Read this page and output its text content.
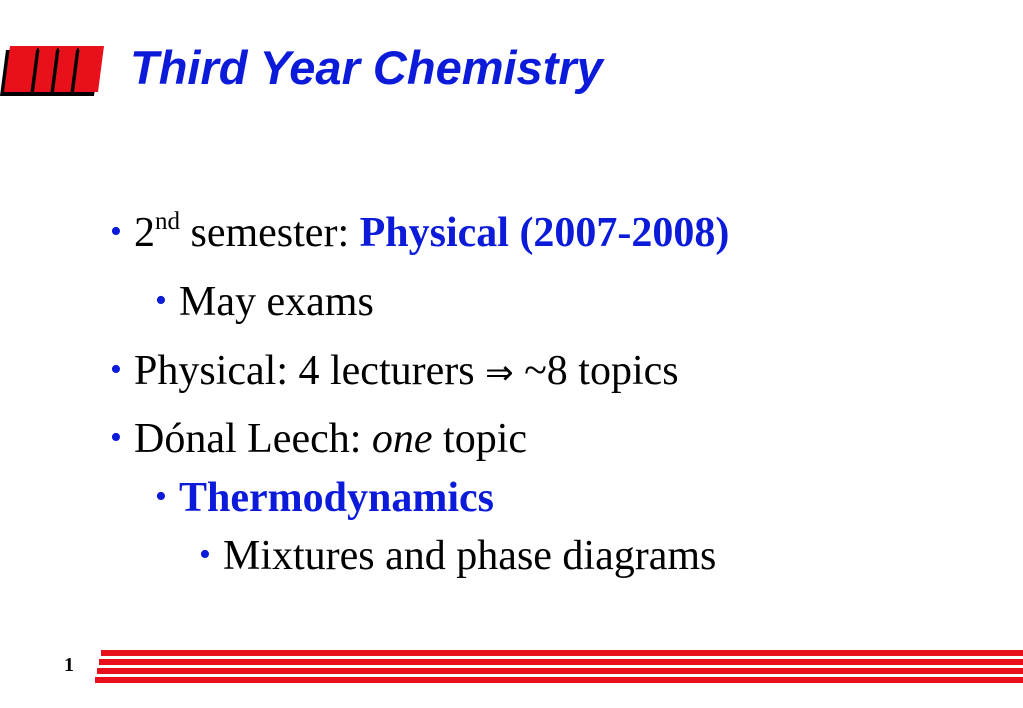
Third Year Chemistry
• 2nd semester: Physical (2007-2008)
• May exams
• Physical: 4 lecturers ⇒ ~8 topics
• Dónal Leech: one topic
• Thermodynamics
• Mixtures and phase diagrams
1
